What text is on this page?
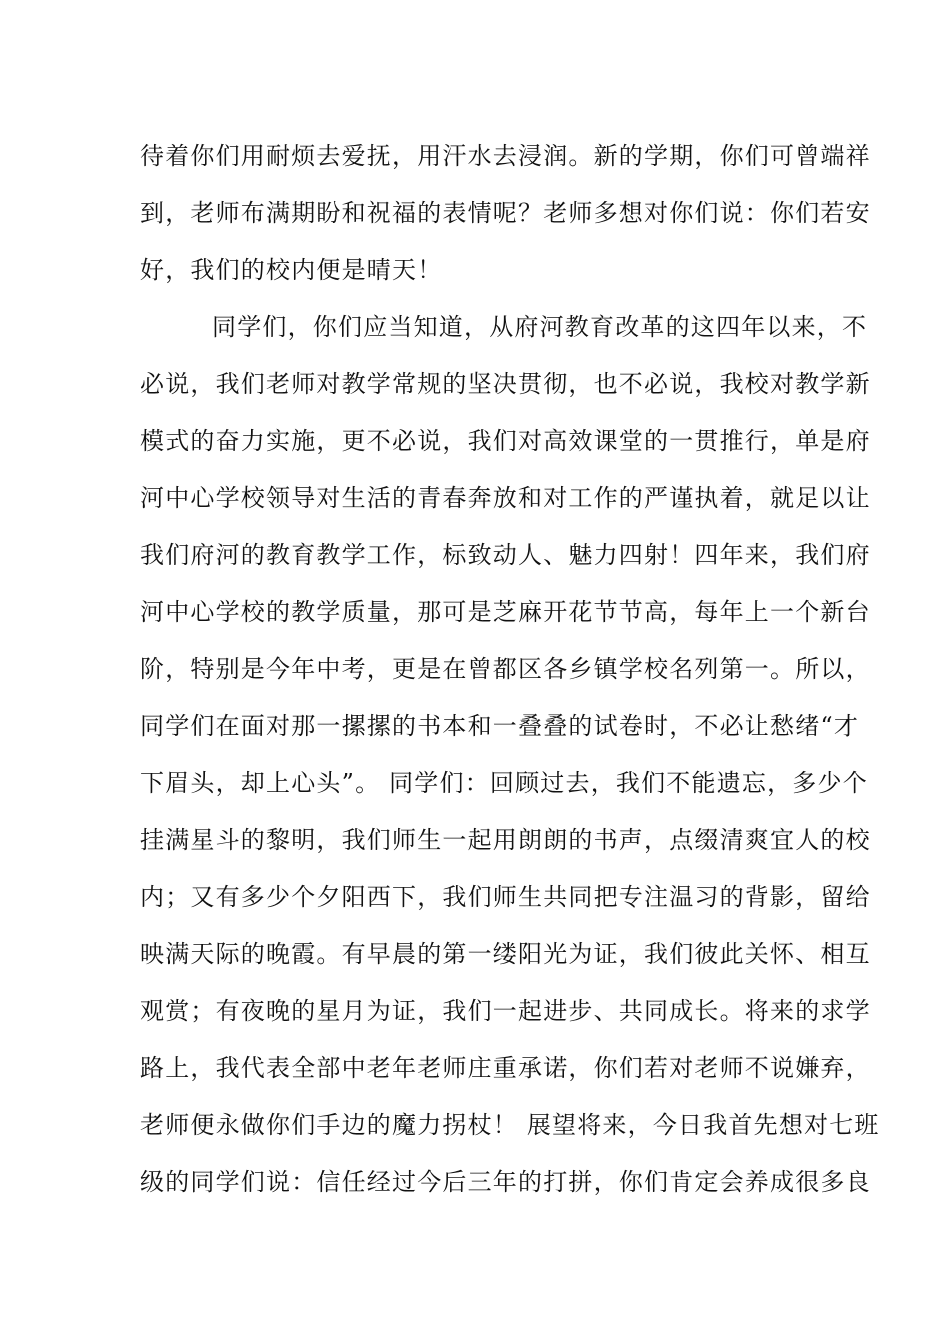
待着你们用耐烦去爱抚，用汗水去浸润。新的学期，你们可曾端祥
到，老师布满期盼和祝福的表情呢？老师多想对你们说：你们若安
好，我们的校内便是晴天！
同学们，你们应当知道，从府河教育改革的这四年以来，不
必说，我们老师对教学常规的坚决贯彻，也不必说，我校对教学新
模式的奋力实施，更不必说，我们对高效课堂的一贯推行，单是府
河中心学校领导对生活的青春奔放和对工作的严谨执着，就足以让
我们府河的教育教学工作，标致动人、魅力四射！四年来，我们府
河中心学校的教学质量，那可是芝麻开花节节高，每年上一个新台
阶，特别是今年中考，更是在曾都区各乡镇学校名列第一。所以，
同学们在面对那一摞摞的书本和一叠叠的试卷时，不必让愁绪“才
下眉头，却上心头”。 同学们：回顾过去，我们不能遗忘，多少个
挂满星斗的黎明，我们师生一起用朗朗的书声，点缀清爽宜人的校
内；又有多少个夕阳西下，我们师生共同把专注温习的背影，留给
映满天际的晚霞。有早晨的第一缕阳光为证，我们彼此关怀、相互
观赏；有夜晚的星月为证，我们一起进步、共同成长。将来的求学
路上，我代表全部中老年老师庄重承诺，你们若对老师不说嫌弃，
老师便永做你们手边的魔力拐杖！ 展望将来，今日我首先想对七班
级的同学们说：信任经过今后三年的打拼，你们肯定会养成很多良
